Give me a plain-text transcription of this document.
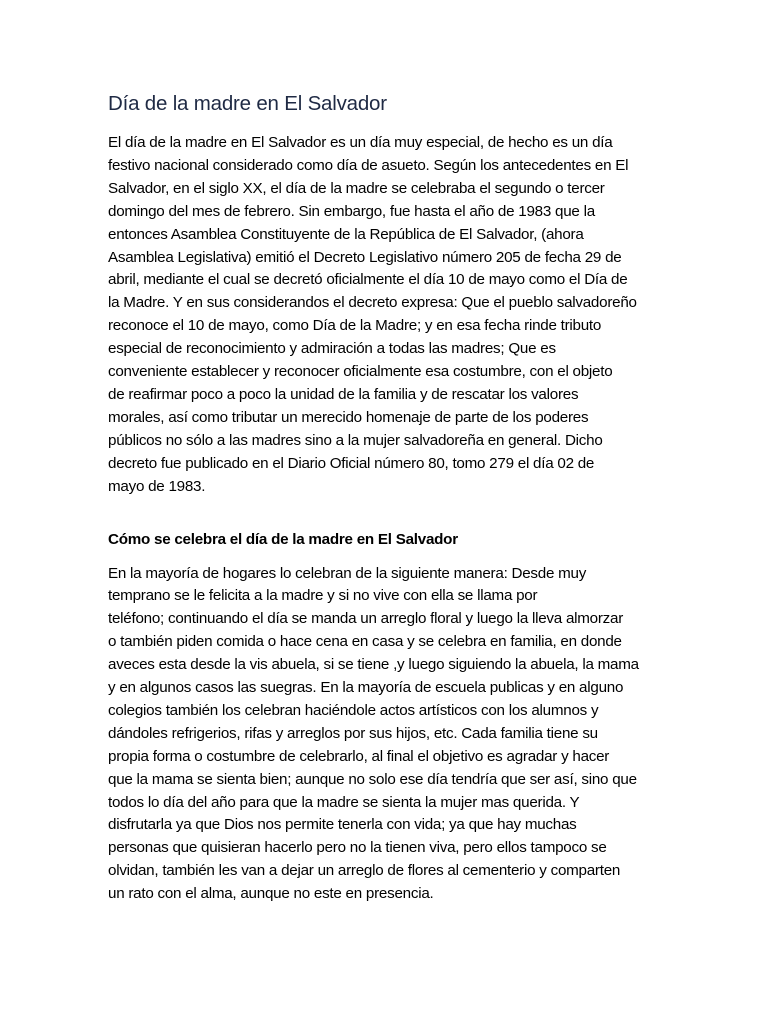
Día de la madre en El Salvador

El día de la madre en El Salvador es un día muy especial, de hecho es un día
festivo nacional considerado como día de asueto. Según los antecedentes en El
Salvador, en el siglo XX, el día de la madre se celebraba el segundo o tercer
domingo del mes de febrero. Sin embargo, fue hasta el año de 1983 que la
entonces Asamblea Constituyente de la República de El Salvador, (ahora
Asamblea Legislativa) emitió el Decreto Legislativo número 205 de fecha 29 de
abril, mediante el cual se decretó oficialmente el día 10 de mayo como el Día de
la Madre. Y en sus considerandos el decreto expresa: Que el pueblo salvadoreño
reconoce el 10 de mayo, como Día de la Madre; y en esa fecha rinde tributo
especial de reconocimiento y admiración a todas las madres; Que es
conveniente establecer y reconocer oficialmente esa costumbre, con el objeto
de reafirmar poco a poco la unidad de la familia y de rescatar los valores
morales, así como tributar un merecido homenaje de parte de los poderes
públicos no sólo a las madres sino a la mujer salvadoreña en general. Dicho
decreto fue publicado en el Diario Oficial número 80, tomo 279 el día 02 de
mayo de 1983.

Cómo se celebra el día de la madre en El Salvador

En la mayoría de hogares lo celebran de la siguiente manera: Desde muy
temprano se le felicita a la madre y si no vive con ella se llama por
teléfono; continuando el día se manda un arreglo floral y luego la lleva almorzar
o también piden comida o hace cena en casa y se celebra en familia, en donde
aveces esta desde la vis abuela, si se tiene ,y luego siguiendo la abuela, la mama
y en algunos casos las suegras. En la mayoría de escuela publicas y en alguno
colegios también los celebran haciéndole actos artísticos con los alumnos y
dándoles refrigerios, rifas y arreglos por sus hijos, etc. Cada familia tiene su
propia forma o costumbre de celebrarlo, al final el objetivo es agradar y hacer
que la mama se sienta bien; aunque no solo ese día tendría que ser así, sino que
todos lo día del año para que la madre se sienta la mujer mas querida. Y
disfrutarla ya que Dios nos permite tenerla con vida; ya que hay muchas
personas que quisieran hacerlo pero no la tienen viva, pero ellos tampoco se
olvidan, también les van a dejar un arreglo de flores al cementerio y comparten
un rato con el alma, aunque no este en presencia.
